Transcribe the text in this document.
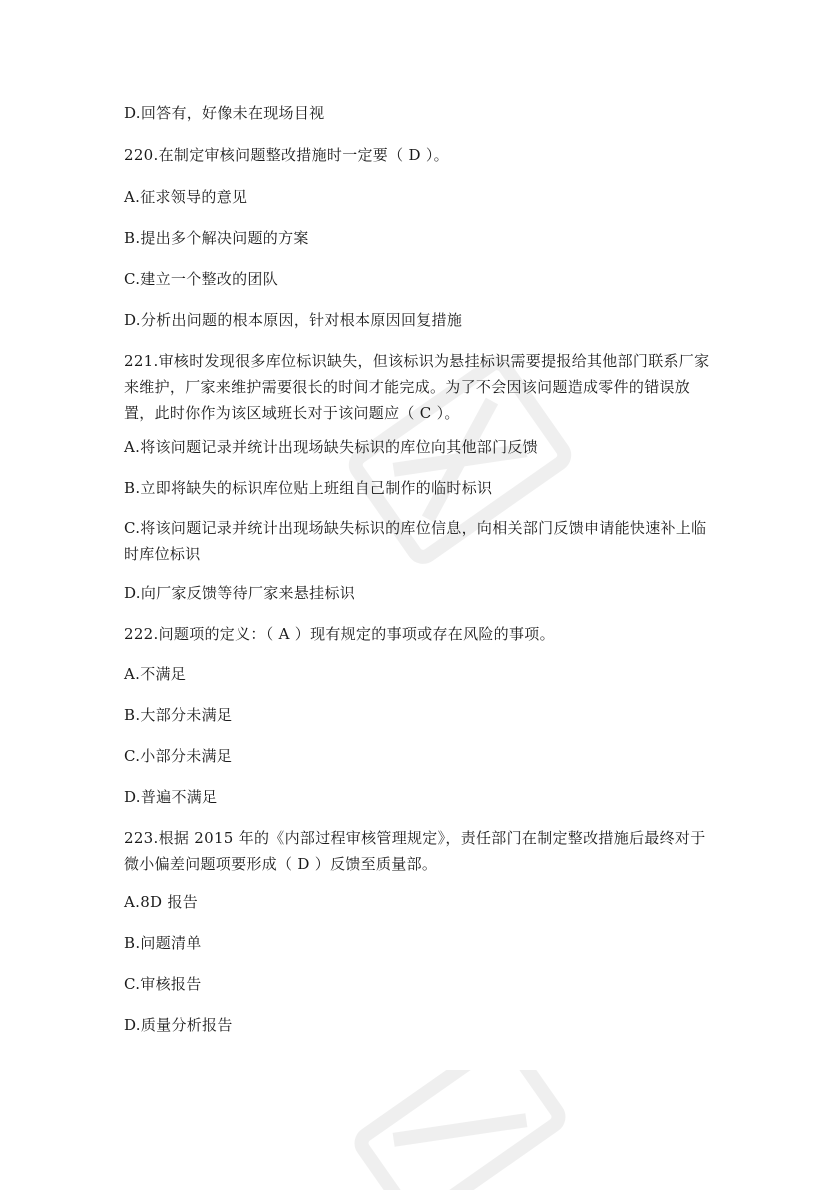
D.回答有，好像未在现场目视
220.在制定审核问题整改措施时一定要（ D ）。
A.征求领导的意见
B.提出多个解决问题的方案
C.建立一个整改的团队
D.分析出问题的根本原因，针对根本原因回复措施
221.审核时发现很多库位标识缺失，但该标识为悬挂标识需要提报给其他部门联系厂家来维护，厂家来维护需要很长的时间才能完成。为了不会因该问题造成零件的错误放置，此时你作为该区域班长对于该问题应（ C ）。
A.将该问题记录并统计出现场缺失标识的库位向其他部门反馈
B.立即将缺失的标识库位贴上班组自己制作的临时标识
C.将该问题记录并统计出现场缺失标识的库位信息，向相关部门反馈申请能快速补上临时库位标识
D.向厂家反馈等待厂家来悬挂标识
222.问题项的定义：（ A ）现有规定的事项或存在风险的事项。
A.不满足
B.大部分未满足
C.小部分未满足
D.普遍不满足
223.根据 2015 年的《内部过程审核管理规定》，责任部门在制定整改措施后最终对于微小偏差问题项要形成（ D ）反馈至质量部。
A.8D 报告
B.问题清单
C.审核报告
D.质量分析报告
